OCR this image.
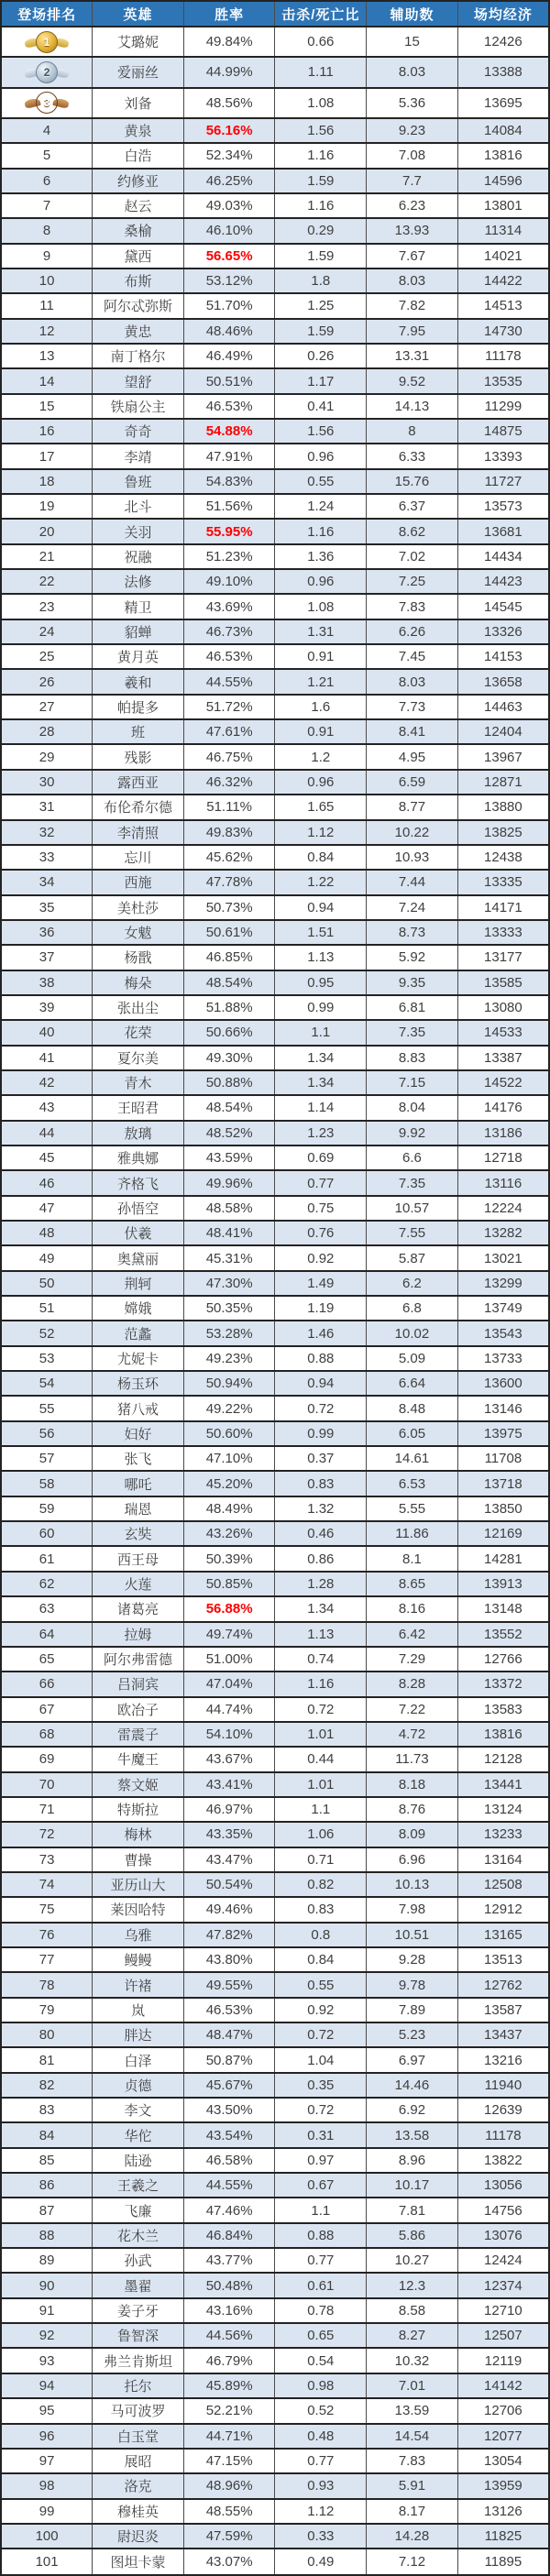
登场排名	英雄	胜率	击杀/死亡比	辅助数	场均经济

1	艾璐妮	49.84%	0.66	15	12426

2	爱丽丝	44.99%	1.11	8.03	13388

3	刘备	48.56%	1.08	5.36	13695
4	黄泉	56.16%	1.56	9.23	14084
5	白浩	52.34%	1.16	7.08	13816
6	约修亚	46.25%	1.59	7.7	14596
7	赵云	49.03%	1.16	6.23	13801
8	桑榆	46.10%	0.29	13.93	11314
9	黛西	56.65%	1.59	7.67	14021
10	布斯	53.12%	1.8	8.03	14422
11	阿尔忒弥斯	51.70%	1.25	7.82	14513
12	黄忠	48.46%	1.59	7.95	14730
13	南丁格尔	46.49%	0.26	13.31	11178
14	望舒	50.51%	1.17	9.52	13535
15	铁扇公主	46.53%	0.41	14.13	11299
16	奇奇	54.88%	1.56	8	14875
17	李靖	47.91%	0.96	6.33	13393
18	鲁班	54.83%	0.55	15.76	11727
19	北斗	51.56%	1.24	6.37	13573
20	关羽	55.95%	1.16	8.62	13681
21	祝融	51.23%	1.36	7.02	14434
22	法修	49.10%	0.96	7.25	14423
23	精卫	43.69%	1.08	7.83	14545
24	貂蝉	46.73%	1.31	6.26	13326
25	黄月英	46.53%	0.91	7.45	14153
26	羲和	44.55%	1.21	8.03	13658
27	帕提多	51.72%	1.6	7.73	14463
28	班	47.61%	0.91	8.41	12404
29	残影	46.75%	1.2	4.95	13967
30	露西亚	46.32%	0.96	6.59	12871
31	布伦希尔德	51.11%	1.65	8.77	13880
32	李清照	49.83%	1.12	10.22	13825
33	忘川	45.62%	0.84	10.93	12438
34	西施	47.78%	1.22	7.44	13335
35	美杜莎	50.73%	0.94	7.24	14171
36	女魃	50.61%	1.51	8.73	13333
37	杨戬	46.85%	1.13	5.92	13177
38	梅朵	48.54%	0.95	9.35	13585
39	张出尘	51.88%	0.99	6.81	13080
40	花荣	50.66%	1.1	7.35	14533
41	夏尔美	49.30%	1.34	8.83	13387
42	青木	50.88%	1.34	7.15	14522
43	王昭君	48.54%	1.14	8.04	14176
44	敖璃	48.52%	1.23	9.92	13186
45	雅典娜	43.59%	0.69	6.6	12718
46	齐格飞	49.96%	0.77	7.35	13116
47	孙悟空	48.58%	0.75	10.57	12224
48	伏羲	48.41%	0.76	7.55	13282
49	奥黛丽	45.31%	0.92	5.87	13021
50	荆轲	47.30%	1.49	6.2	13299
51	嫦娥	50.35%	1.19	6.8	13749
52	范蠡	53.28%	1.46	10.02	13543
53	尤妮卡	49.23%	0.88	5.09	13733
54	杨玉环	50.94%	0.94	6.64	13600
55	猪八戒	49.22%	0.72	8.48	13146
56	妇好	50.60%	0.99	6.05	13975
57	张飞	47.10%	0.37	14.61	11708
58	哪吒	45.20%	0.83	6.53	13718
59	瑞恩	48.49%	1.32	5.55	13850
60	玄奘	43.26%	0.46	11.86	12169
61	西王母	50.39%	0.86	8.1	14281
62	火莲	50.85%	1.28	8.65	13913
63	诸葛亮	56.88%	1.34	8.16	13148
64	拉姆	49.74%	1.13	6.42	13552
65	阿尔弗雷德	51.00%	0.74	7.29	12766
66	吕洞宾	47.04%	1.16	8.28	13372
67	欧冶子	44.74%	0.72	7.22	13583
68	雷震子	54.10%	1.01	4.72	13816
69	牛魔王	43.67%	0.44	11.73	12128
70	蔡文姬	43.41%	1.01	8.18	13441
71	特斯拉	46.97%	1.1	8.76	13124
72	梅林	43.35%	1.06	8.09	13233
73	曹操	43.47%	0.71	6.96	13164
74	亚历山大	50.54%	0.82	10.13	12508
75	莱因哈特	49.46%	0.83	7.98	12912
76	乌雅	47.82%	0.8	10.51	13165
77	鳗鳗	43.80%	0.84	9.28	13513
78	许褚	49.55%	0.55	9.78	12762
79	岚	46.53%	0.92	7.89	13587
80	胖达	48.47%	0.72	5.23	13437
81	白泽	50.87%	1.04	6.97	13216
82	贞德	45.67%	0.35	14.46	11940
83	李文	43.50%	0.72	6.92	12639
84	华佗	43.54%	0.31	13.58	11178
85	陆逊	46.58%	0.97	8.96	13822
86	王羲之	44.55%	0.67	10.17	13056
87	飞廉	47.46%	1.1	7.81	14756
88	花木兰	46.84%	0.88	5.86	13076
89	孙武	43.77%	0.77	10.27	12424
90	墨翟	50.48%	0.61	12.3	12374
91	姜子牙	43.16%	0.78	8.58	12710
92	鲁智深	44.56%	0.65	8.27	12507
93	弗兰肯斯坦	46.79%	0.54	10.32	12119
94	托尔	45.89%	0.98	7.01	14142
95	马可波罗	52.21%	0.52	13.59	12706
96	白玉堂	44.71%	0.48	14.54	12077
97	展昭	47.15%	0.77	7.83	13054
98	洛克	48.96%	0.93	5.91	13959
99	穆桂英	48.55%	1.12	8.17	13126
100	尉迟炎	47.59%	0.33	14.28	11825
101	图坦卡蒙	43.07%	0.49	7.12	11895
